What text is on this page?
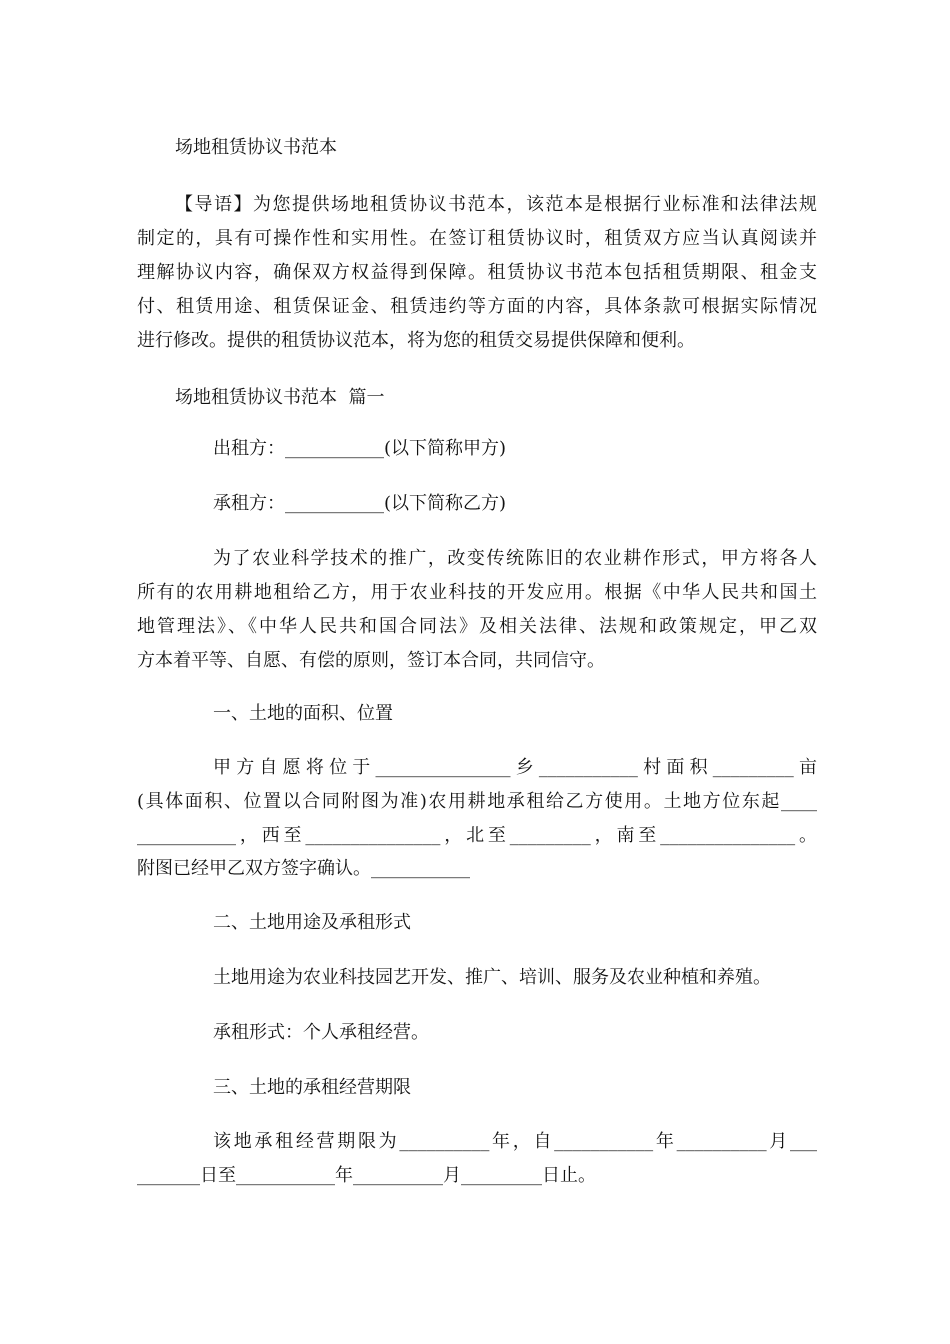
场地租赁协议书范本
【导语】为您提供场地租赁协议书范本，该范本是根据行业标准和法律法规
制定的，具有可操作性和实用性。在签订租赁协议时，租赁双方应当认真阅读并
理解协议内容，确保双方权益得到保障。租赁协议书范本包括租赁期限、租金支
付、租赁用途、租赁保证金、租赁违约等方面的内容，具体条款可根据实际情况
进行修改。提供的租赁协议范本，将为您的租赁交易提供保障和便利。
场地租赁协议书范本  篇一
出租方：___________(以下简称甲方)
承租方：___________(以下简称乙方)
为了农业科学技术的推广，改变传统陈旧的农业耕作形式，甲方将各人
所有的农用耕地租给乙方，用于农业科技的开发应用。根据《中华人民共和国土
地管理法》、《中华人民共和国合同法》及相关法律、法规和政策规定，甲乙双
方本着平等、自愿、有偿的原则，签订本合同，共同信守。
一、土地的面积、位置
甲方自愿将位于_______________乡___________村面积_________亩
(具体面积、位置以合同附图为准)农用耕地承租给乙方使用。土地方位东起____
___________，西至_______________，北至_________，南至_______________。
附图已经甲乙双方签字确认。___________
二、土地用途及承租形式
土地用途为农业科技园艺开发、推广、培训、服务及农业种植和养殖。
承租形式：个人承租经营。
三、土地的承租经营期限
该地承租经营期限为__________年，自___________年__________月___
_______日至___________年__________月_________日止。
